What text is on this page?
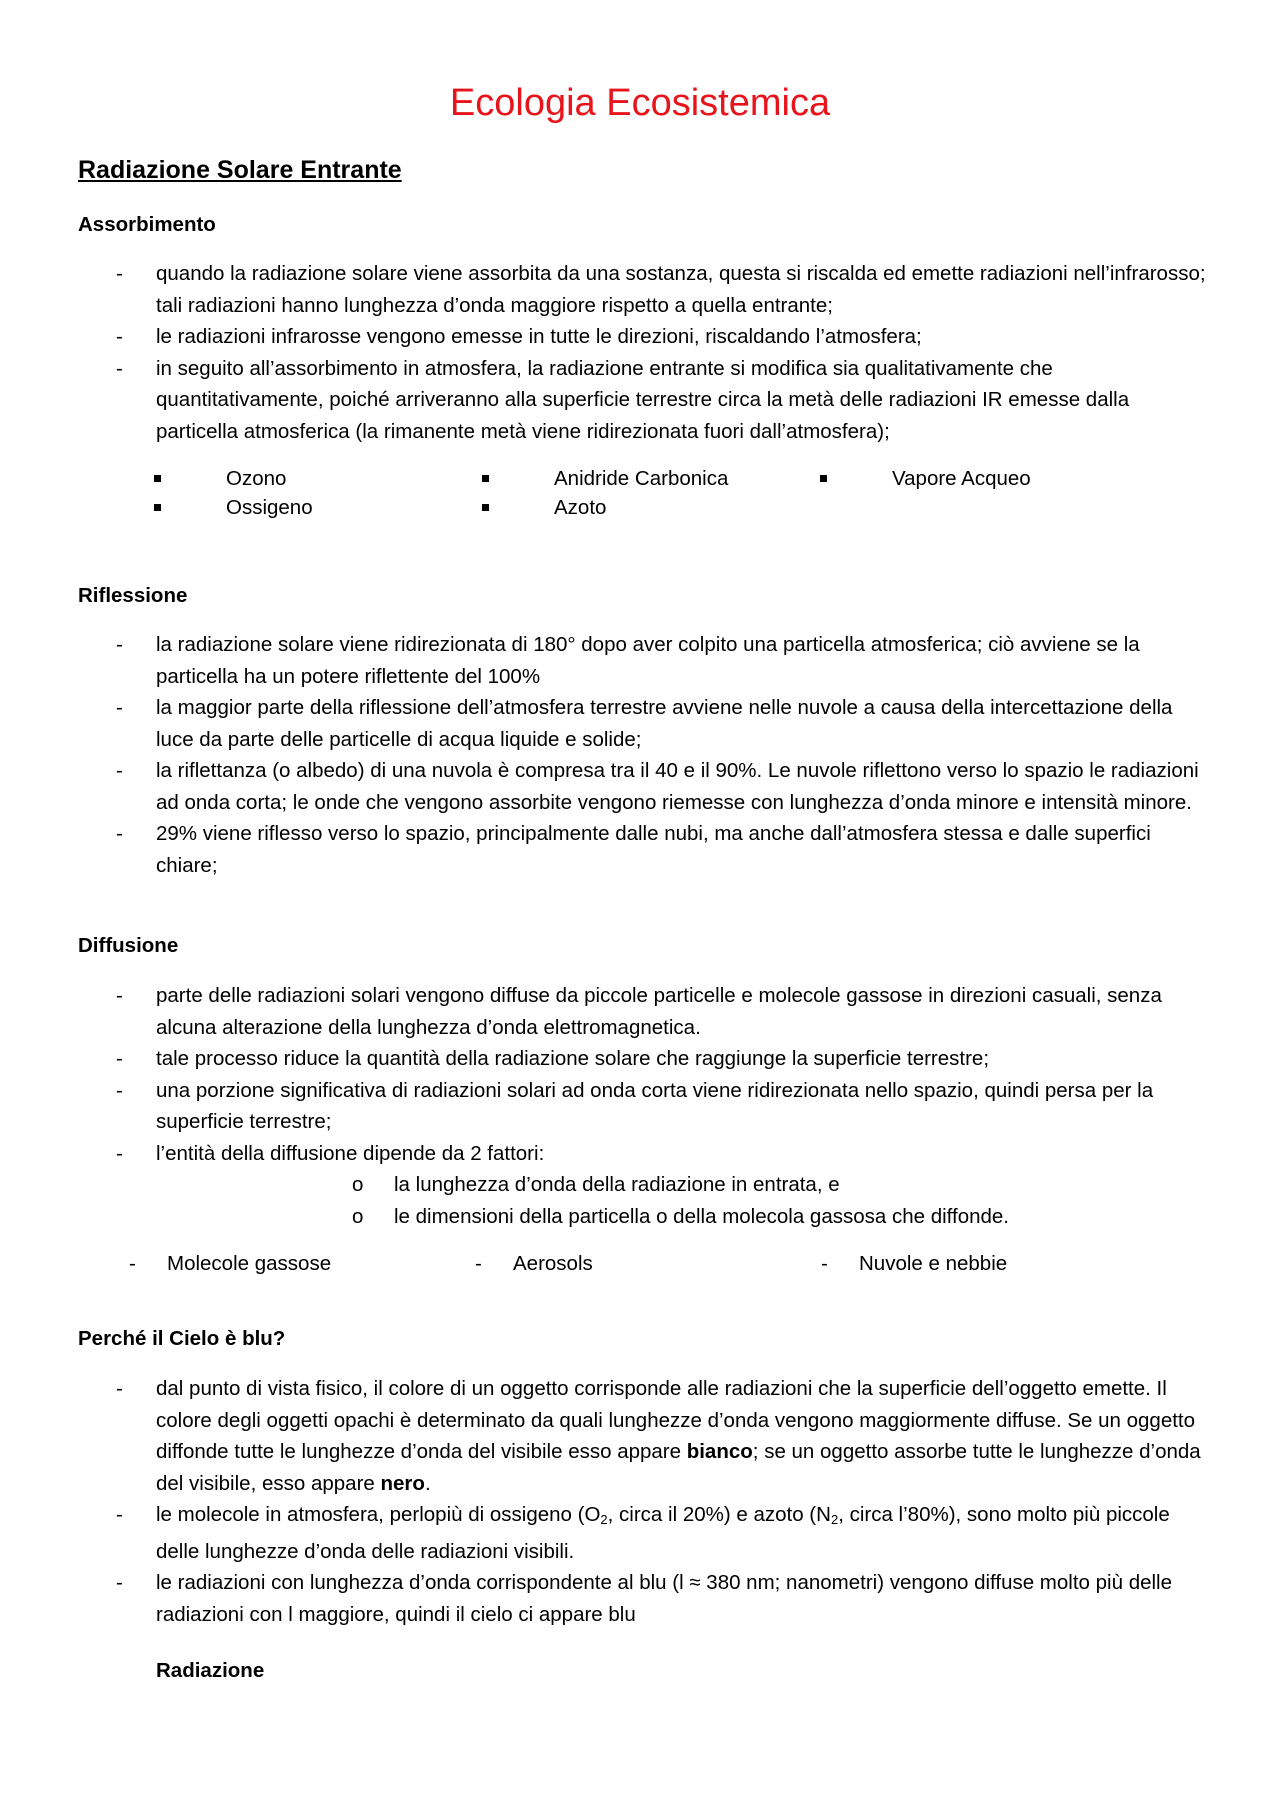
Ecologia Ecosistemica
Radiazione Solare Entrante
Assorbimento
- quando la radiazione solare viene assorbita da una sostanza, questa si riscalda ed emette radiazioni nell’infrarosso; tali radiazioni hanno lunghezza d’onda maggiore rispetto a quella entrante;
- le radiazioni infrarosse vengono emesse in tutte le direzioni, riscaldando l’atmosfera;
- in seguito all’assorbimento in atmosfera, la radiazione entrante si modifica sia qualitativamente che quantitativamente, poiché arriveranno alla superficie terrestre circa la metà delle radiazioni IR emesse dalla particella atmosferica (la rimanente metà viene ridirezionata fuori dall’atmosfera);
Ozono
Ossigeno
Anidride Carbonica
Azoto
Vapore Acqueo
Riflessione
- la radiazione solare viene ridirezionata di 180° dopo aver colpito una particella atmosferica; ciò avviene se la particella ha un potere riflettente del 100%
- la maggior parte della riflessione dell’atmosfera terrestre avviene nelle nuvole a causa della intercettazione della luce da parte delle particelle di acqua liquide e solide;
- la riflettanza (o albedo) di una nuvola è compresa tra il 40 e il 90%. Le nuvole riflettono verso lo spazio le radiazioni ad onda corta; le onde che vengono assorbite vengono riemesse con lunghezza d’onda minore e intensità minore.
- 29% viene riflesso verso lo spazio, principalmente dalle nubi, ma anche dall’atmosfera stessa e dalle superfici chiare;
Diffusione
- parte delle radiazioni solari vengono diffuse da piccole particelle e molecole gassose in direzioni casuali, senza alcuna alterazione della lunghezza d’onda elettromagnetica.
- tale processo riduce la quantità della radiazione solare che raggiunge la superficie terrestre;
- una porzione significativa di radiazioni solari ad onda corta viene ridirezionata nello spazio, quindi persa per la superficie terrestre;
- l’entità della diffusione dipende da 2 fattori:
o la lunghezza d’onda della radiazione in entrata, e
o le dimensioni della particella o della molecola gassosa che diffonde.
- Molecole gassose	- Aerosols	- Nuvole e nebbie
Perché il Cielo è blu?
- dal punto di vista fisico, il colore di un oggetto corrisponde alle radiazioni che la superficie dell’oggetto emette. Il colore degli oggetti opachi è determinato da quali lunghezze d’onda vengono maggiormente diffuse. Se un oggetto diffonde tutte le lunghezze d’onda del visibile esso appare bianco; se un oggetto assorbe tutte le lunghezze d’onda del visibile, esso appare nero.
- le molecole in atmosfera, perlopiù di ossigeno ($O_2$, circa il 20%) e azoto ($N_2$, circa l’80%), sono molto più piccole delle lunghezze d’onda delle radiazioni visibili.
- le radiazioni con lunghezza d’onda corrispondente al blu (l ≈ 380 nm; nanometri) vengono diffuse molto più delle radiazioni con l maggiore, quindi il cielo ci appare blu
Radiazione
